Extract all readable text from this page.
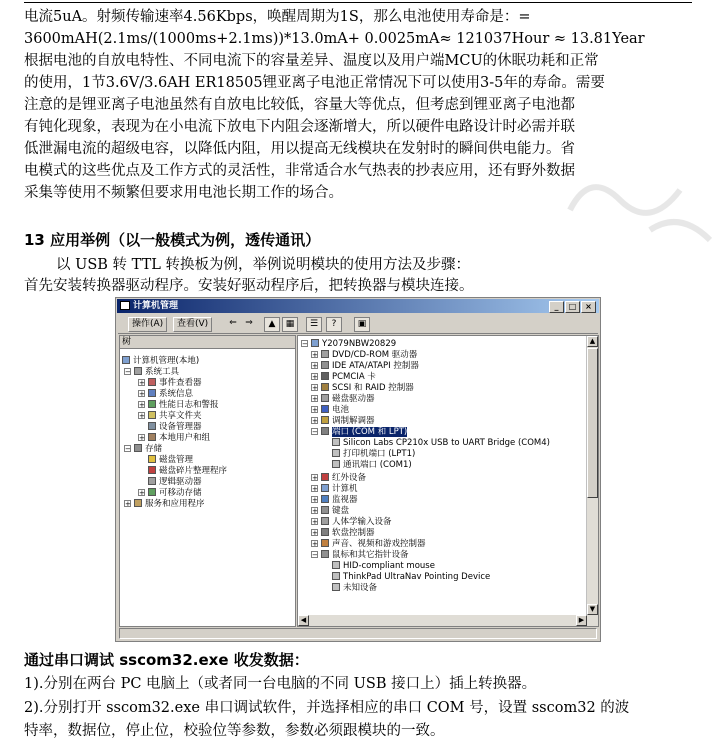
电流5uA。射频传输速率4.56Kbps，唤醒周期为1S，那么电池使用寿命是：=
3600mAH(2.1ms/(1000ms+2.1ms))*13.0mA+ 0.0025mA≈ 121037Hour ≈ 13.81Year
根据电池的自放电特性、不同电流下的容量差异、温度以及用户端MCU的休眠功耗和正常
的使用，1节3.6V/3.6AH ER18505锂亚离子电池正常情况下可以使用3-5年的寿命。需要
注意的是锂亚离子电池虽然有自放电比较低，容量大等优点，但考虑到锂亚离子电池都
有钝化现象，表现为在小电流下放电下内阻会逐渐增大，所以硬件电路设计时必需并联
低泄漏电流的超级电容，以降低内阻，用以提高无线模块在发射时的瞬间供电能力。省
电模式的这些优点及工作方式的灵活性，非常适合水气热表的抄表应用，还有野外数据
采集等使用不频繁但要求用电池长期工作的场合。
13 应用举例（以一般模式为例，透传通讯）
以 USB 转 TTL 转换板为例，举例说明模块的使用方法及步骤：
首先安装转换器驱动程序。安装好驱动程序后，把转换器与模块连接。
计算机管理	_	□	×
操作(A)	查看(V)	⇐ ⇒	▲	▦	☰	?	▣
树
计算机管理(本地)
− 系统工具
+ 事件查看器
+ 系统信息
+ 性能日志和警报
+ 共享文件夹
设备管理器
+ 本地用户和组
− 存储
磁盘管理
磁盘碎片整理程序
逻辑驱动器
+ 可移动存储
+ 服务和应用程序
− Y2079NBW20829
+ DVD/CD-ROM 驱动器
+ IDE ATA/ATAPI 控制器
+ PCMCIA 卡
+ SCSI 和 RAID 控制器
+ 磁盘驱动器
+ 电池
+ 调制解调器
− 端口 (COM 和 LPT)
Silicon Labs CP210x USB to UART Bridge (COM4)
打印机端口 (LPT1)
通讯端口 (COM1)
+ 红外设备
+ 计算机
+ 监视器
+ 键盘
+ 人体学输入设备
+ 软盘控制器
+ 声音、视频和游戏控制器
− 鼠标和其它指针设备
HID-compliant mouse
ThinkPad UltraNav Pointing Device
未知设备
▲
▼
◀	▶
通过串口调试 sscom32.exe 收发数据：
1).分别在两台 PC 电脑上（或者同一台电脑的不同 USB 接口上）插上转换器。
2).分别打开 sscom32.exe 串口调试软件，并选择相应的串口 COM 号，设置 sscom32 的波
特率，数据位，停止位，校验位等参数，参数必须跟模块的一致。
